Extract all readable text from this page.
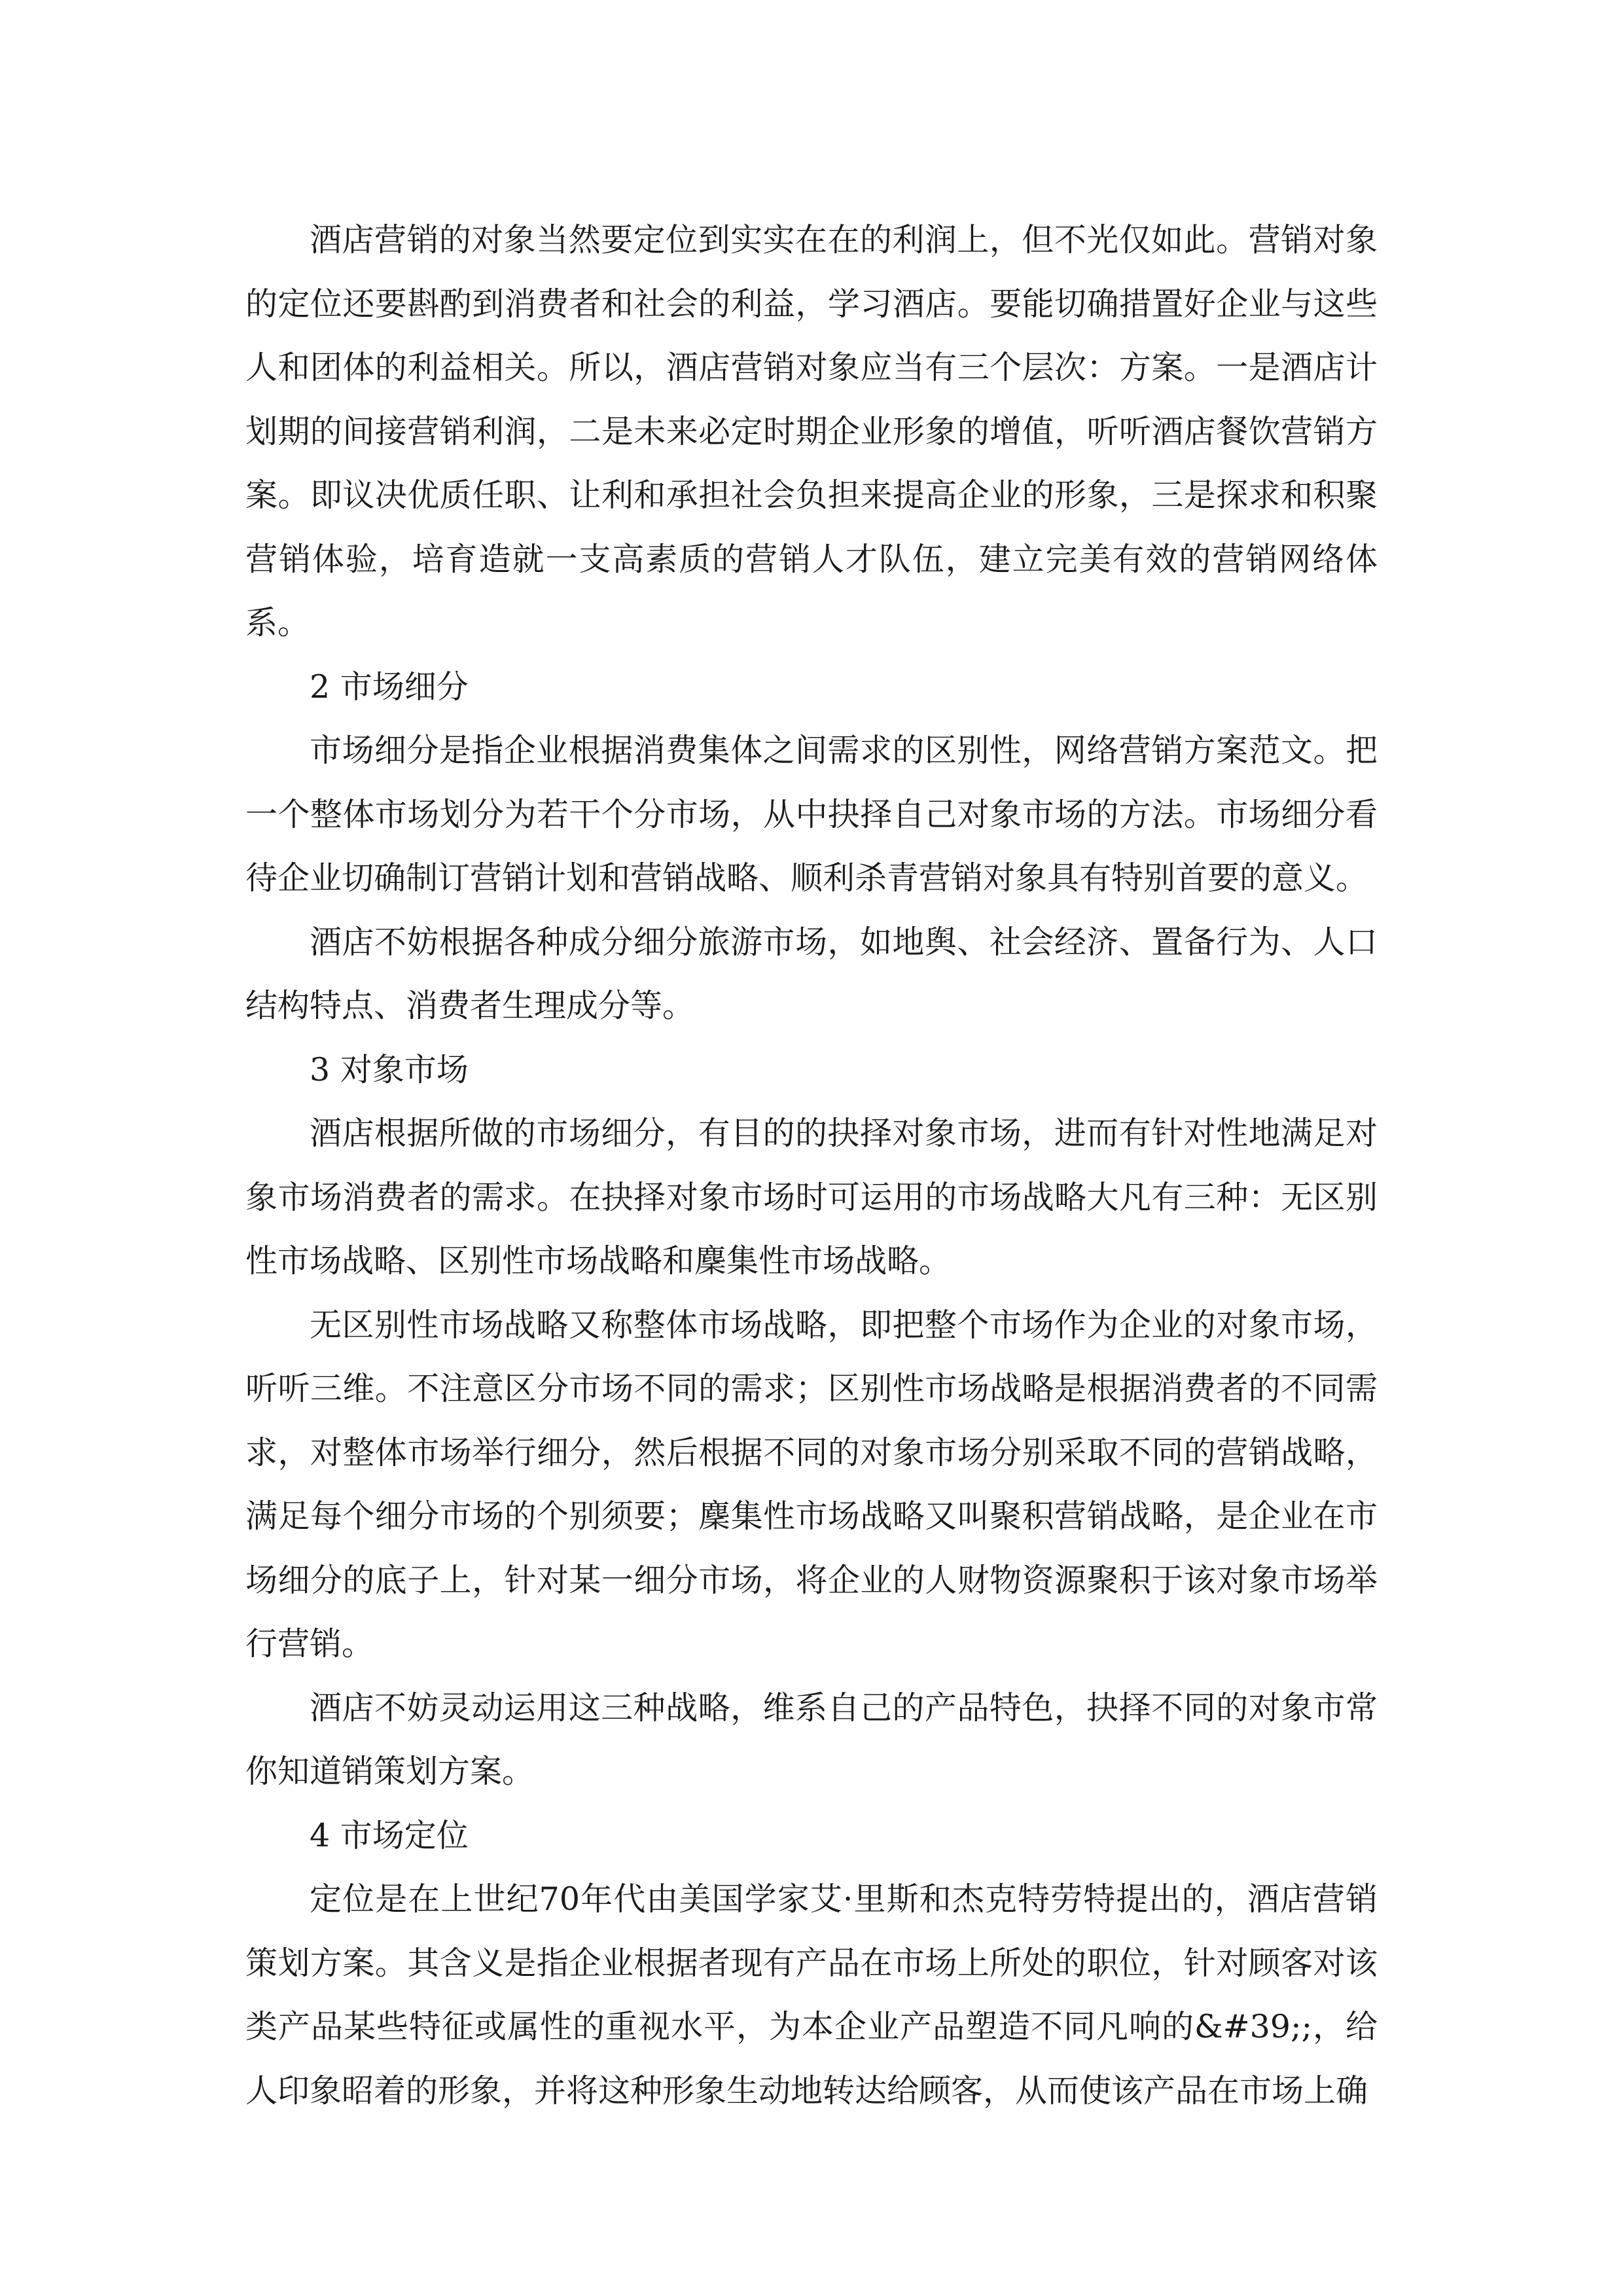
酒店营销的对象当然要定位到实实在在的利润上，但不光仅如此。营销对象的定位还要斟酌到消费者和社会的利益，学习酒店。要能切确措置好企业与这些人和团体的利益相关。所以，酒店营销对象应当有三个层次：方案。一是酒店计划期的间接营销利润，二是未来必定时期企业形象的增值，听听酒店餐饮营销方案。即议决优质任职、让利和承担社会负担来提高企业的形象，三是探求和积聚营销体验，培育造就一支高素质的营销人才队伍，建立完美有效的营销网络体系。

2 市场细分

市场细分是指企业根据消费集体之间需求的区别性，网络营销方案范文。把一个整体市场划分为若干个分市场，从中抉择自己对象市场的方法。市场细分看待企业切确制订营销计划和营销战略、顺利杀青营销对象具有特别首要的意义。

酒店不妨根据各种成分细分旅游市场，如地舆、社会经济、置备行为、人口结构特点、消费者生理成分等。

3 对象市场

酒店根据所做的市场细分，有目的的抉择对象市场，进而有针对性地满足对象市场消费者的需求。在抉择对象市场时可运用的市场战略大凡有三种：无区别性市场战略、区别性市场战略和麇集性市场战略。

无区别性市场战略又称整体市场战略，即把整个市场作为企业的对象市场，听听三维。不注意区分市场不同的需求；区别性市场战略是根据消费者的不同需求，对整体市场举行细分，然后根据不同的对象市场分别采取不同的营销战略，满足每个细分市场的个别须要；麇集性市场战略又叫聚积营销战略，是企业在市场细分的底子上，针对某一细分市场，将企业的人财物资源聚积于该对象市场举行营销。

酒店不妨灵动运用这三种战略，维系自己的产品特色，抉择不同的对象市常你知道销策划方案。

4 市场定位

定位是在上世纪70年代由美国学家艾·里斯和杰克特劳特提出的，酒店营销策划方案。其含义是指企业根据者现有产品在市场上所处的职位，针对顾客对该类产品某些特征或属性的重视水平，为本企业产品塑造不同凡响的&#39;;，给人印象昭着的形象，并将这种形象生动地转达给顾客，从而使该产品在市场上确
